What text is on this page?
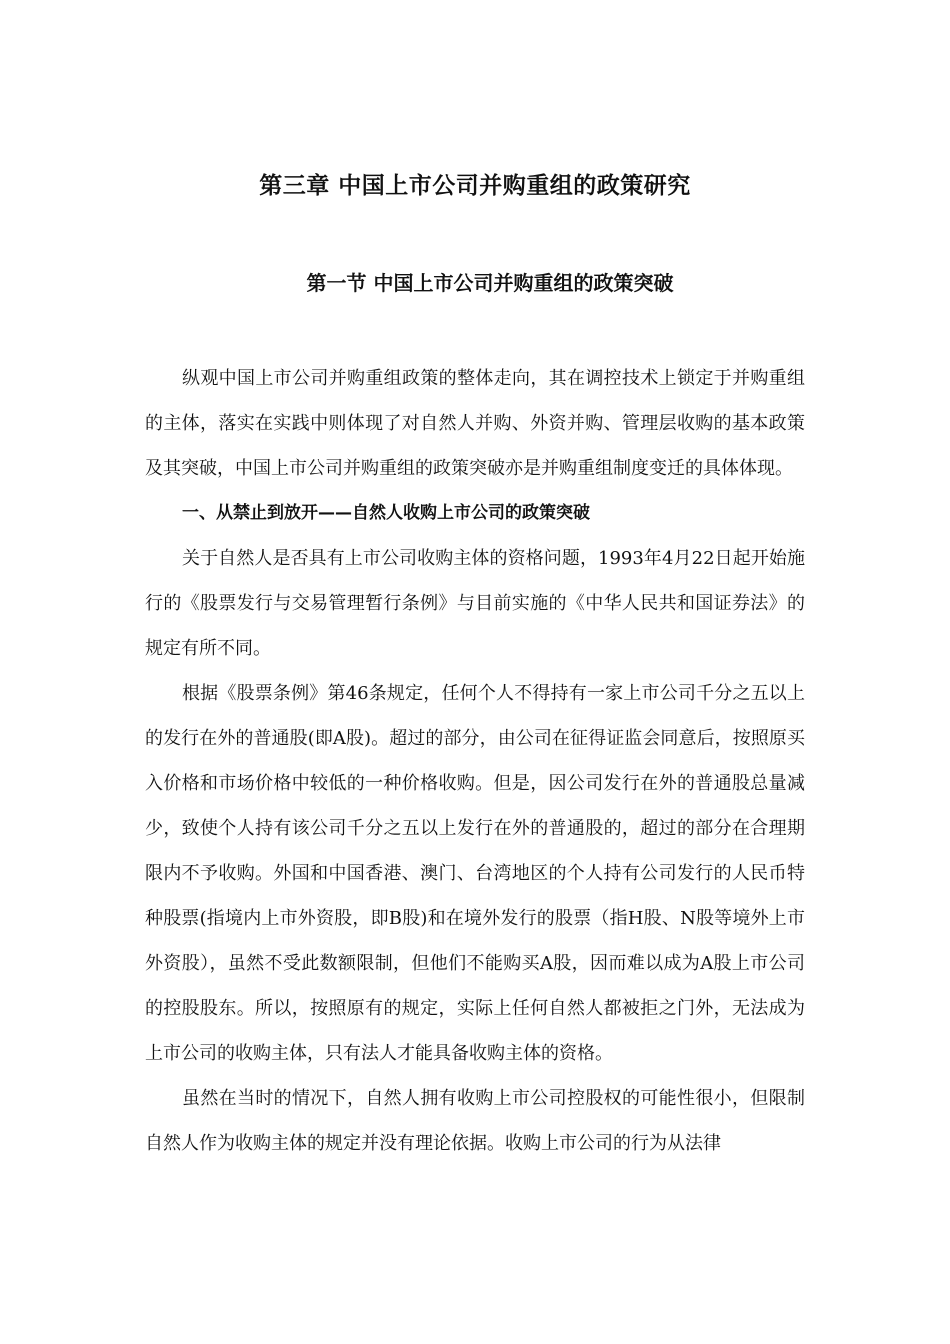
第三章 中国上市公司并购重组的政策研究
第一节 中国上市公司并购重组的政策突破

纵观中国上市公司并购重组政策的整体走向，其在调控技术上锁定于并购重组的主体，落实在实践中则体现了对自然人并购、外资并购、管理层收购的基本政策及其突破，中国上市公司并购重组的政策突破亦是并购重组制度变迁的具体体现。

一、从禁止到放开——自然人收购上市公司的政策突破

关于自然人是否具有上市公司收购主体的资格问题，1993年4月22日起开始施行的《股票发行与交易管理暂行条例》与目前实施的《中华人民共和国证券法》的规定有所不同。

根据《股票条例》第46条规定，任何个人不得持有一家上市公司千分之五以上的发行在外的普通股(即A股)。超过的部分，由公司在征得证监会同意后，按照原买入价格和市场价格中较低的一种价格收购。但是，因公司发行在外的普通股总量减少，致使个人持有该公司千分之五以上发行在外的普通股的，超过的部分在合理期限内不予收购。外国和中国香港、澳门、台湾地区的个人持有公司发行的人民币特种股票(指境内上市外资股，即B股)和在境外发行的股票（指H股、N股等境外上市外资股），虽然不受此数额限制，但他们不能购买A股，因而难以成为A股上市公司的控股股东。所以，按照原有的规定，实际上任何自然人都被拒之门外，无法成为上市公司的收购主体，只有法人才能具备收购主体的资格。

虽然在当时的情况下，自然人拥有收购上市公司控股权的可能性很小，但限制自然人作为收购主体的规定并没有理论依据。收购上市公司的行为从法律
